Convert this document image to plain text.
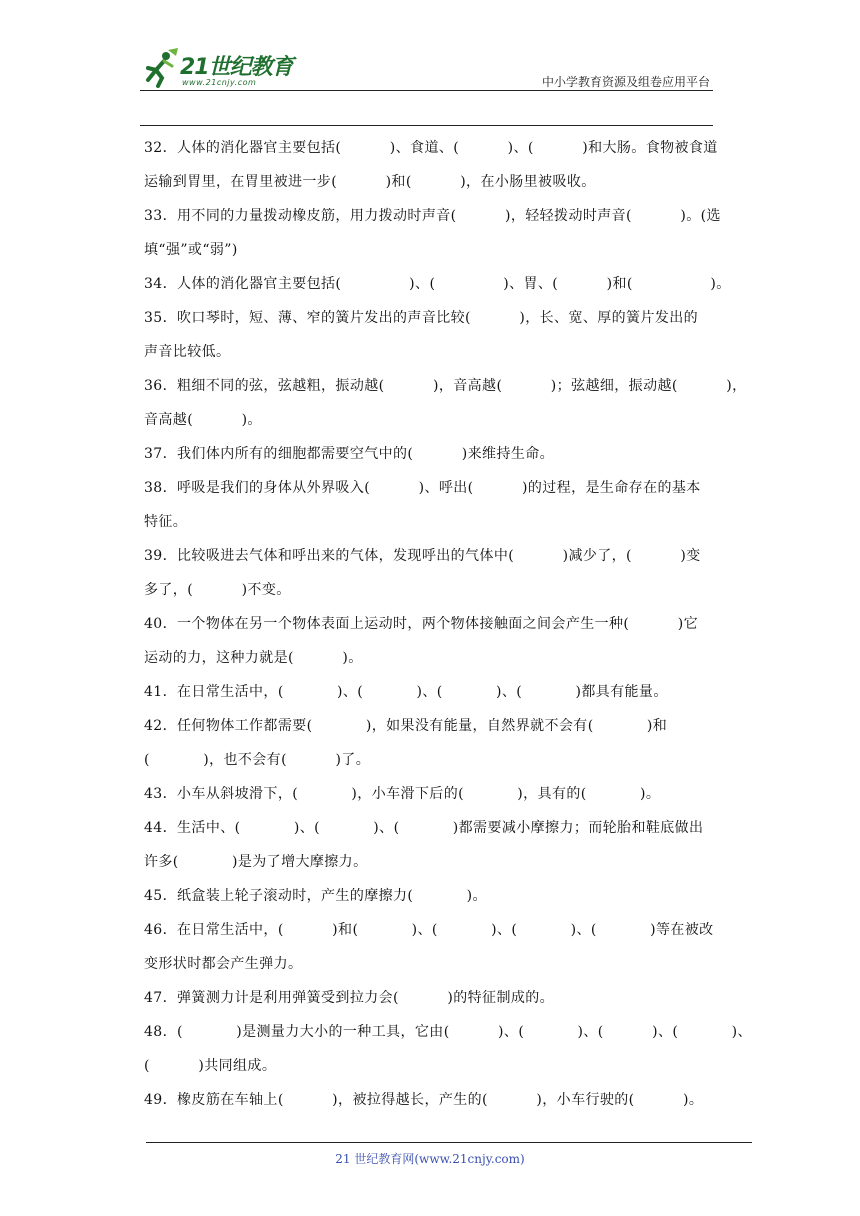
21世纪教育
www.21cnjy.com	中小学教育资源及组卷应用平台
32．人体的消化器官主要包括(          )、食道、(          )、(          )和大肠。食物被食道
运输到胃里，在胃里被进一步(          )和(          )，在小肠里被吸收。
33．用不同的力量拨动橡皮筋，用力拨动时声音(          )，轻轻拨动时声音(          )。(选
填“强”或“弱”)
34．人体的消化器官主要包括(              )、(              )、胃、(          )和(                )。
35．吹口琴时，短、薄、窄的簧片发出的声音比较(          )，长、宽、厚的簧片发出的
声音比较低。
36．粗细不同的弦，弦越粗，振动越(          )，音高越(          )；弦越细，振动越(          )，
音高越(          )。
37．我们体内所有的细胞都需要空气中的(          )来维持生命。
38．呼吸是我们的身体从外界吸入(          )、呼出(          )的过程，是生命存在的基本
特征。
39．比较吸进去气体和呼出来的气体，发现呼出的气体中(          )减少了，(          )变
多了，(          )不变。
40．一个物体在另一个物体表面上运动时，两个物体接触面之间会产生一种(          )它
运动的力，这种力就是(          )。
41．在日常生活中，(           )、(           )、(           )、(           )都具有能量。
42．任何物体工作都需要(           )，如果没有能量，自然界就不会有(           )和
(           )，也不会有(          )了。
43．小车从斜坡滑下，(           )，小车滑下后的(           )，具有的(           )。
44．生活中、(           )、(           )、(           )都需要减小摩擦力；而轮胎和鞋底做出
许多(           )是为了增大摩擦力。
45．纸盒装上轮子滚动时，产生的摩擦力(           )。
46．在日常生活中，(          )和(           )、(           )、(           )、(           )等在被改
变形状时都会产生弹力。
47．弹簧测力计是利用弹簧受到拉力会(          )的特征制成的。
48．(           )是测量力大小的一种工具，它由(          )、(           )、(          )、(           )、
(          )共同组成。
49．橡皮筋在车轴上(          )，被拉得越长，产生的(          )，小车行驶的(          )。
21 世纪教育网(www.21cnjy.com)
